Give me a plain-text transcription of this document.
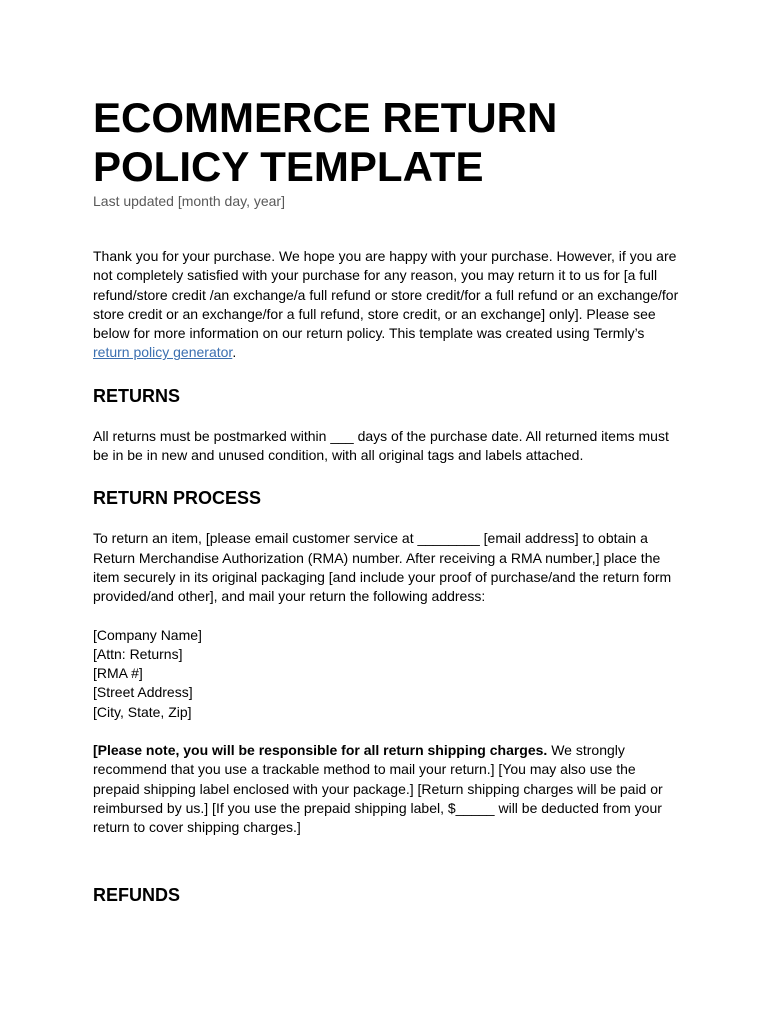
ECOMMERCE RETURN
POLICY TEMPLATE

Last updated [month day, year]

Thank you for your purchase. We hope you are happy with your purchase. However, if you are not completely satisfied with your purchase for any reason, you may return it to us for [a full refund/store credit /an exchange/a full refund or store credit/for a full refund or an exchange/for store credit or an exchange/for a full refund, store credit, or an exchange] only]. Please see below for more information on our return policy. This template was created using Termly’s return policy generator.

RETURNS

All returns must be postmarked within ___ days of the purchase date. All returned items must be in be in new and unused condition, with all original tags and labels attached.

RETURN PROCESS

To return an item, [please email customer service at ________ [email address] to obtain a Return Merchandise Authorization (RMA) number. After receiving a RMA number,] place the item securely in its original packaging [and include your proof of purchase/and the return form provided/and other], and mail your return the following address:

[Company Name]
[Attn: Returns]
[RMA #]
[Street Address]
[City, State, Zip]

[Please note, you will be responsible for all return shipping charges. We strongly recommend that you use a trackable method to mail your return.] [You may also use the prepaid shipping label enclosed with your package.] [Return shipping charges will be paid or reimbursed by us.] [If you use the prepaid shipping label, $_____ will be deducted from your return to cover shipping charges.]

REFUNDS
